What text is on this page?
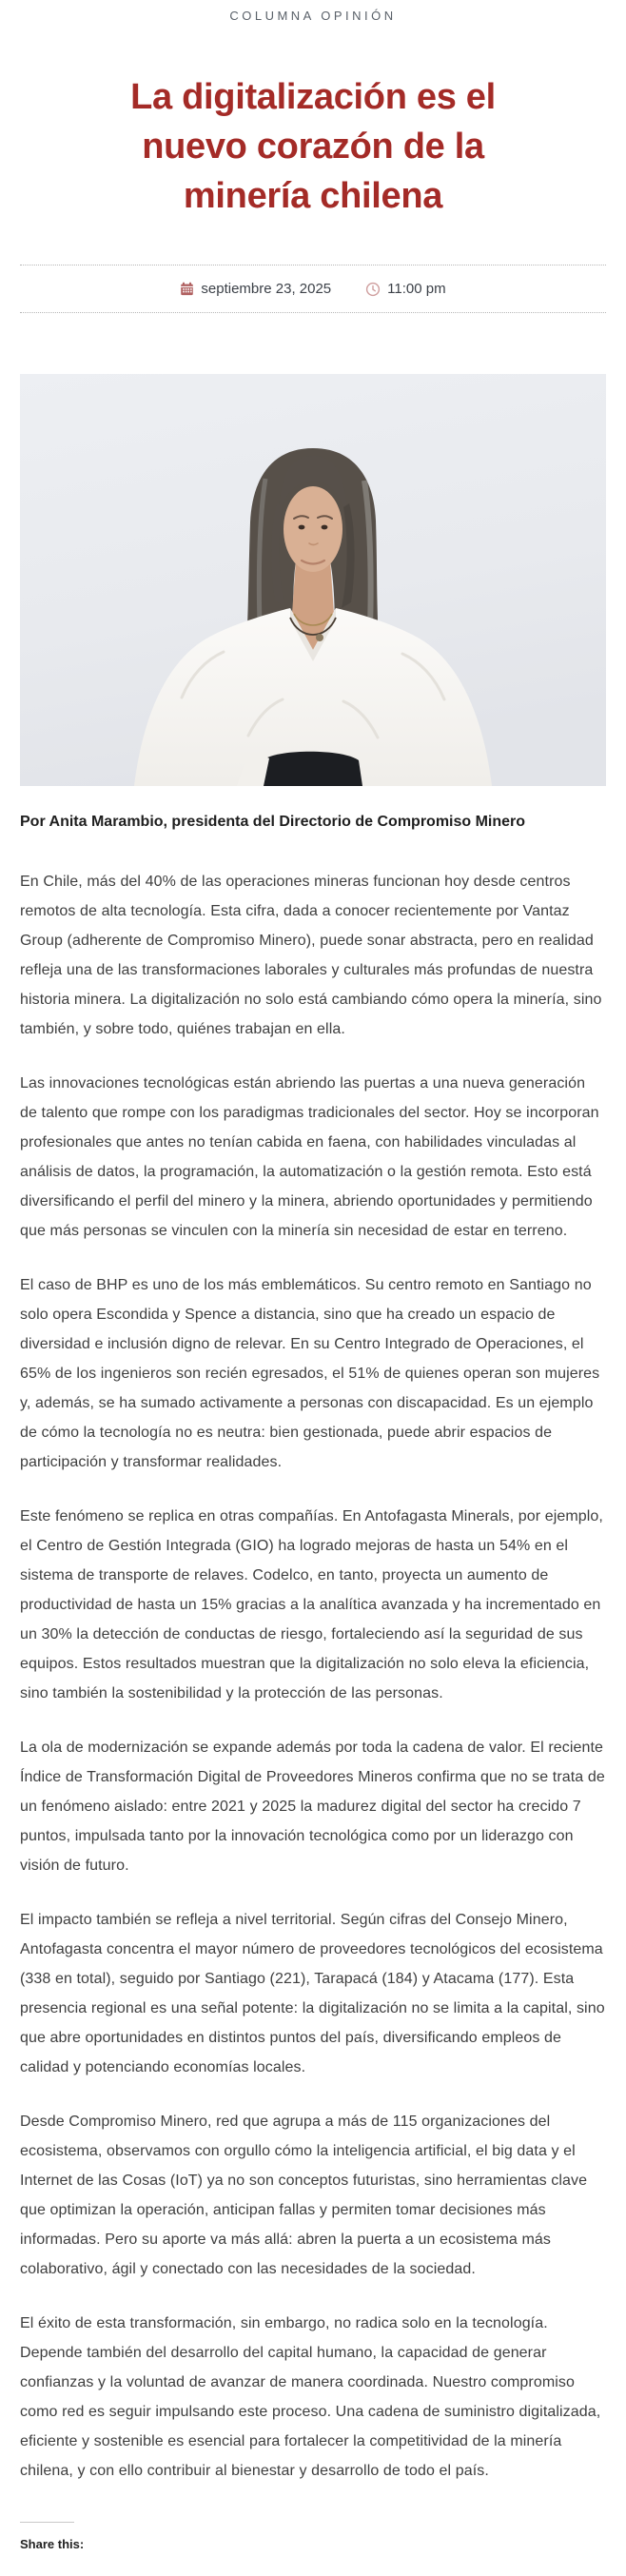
COLUMNA OPINIÓN
La digitalización es el nuevo corazón de la minería chilena
septiembre 23, 2025	11:00 pm

Por Anita Marambio, presidenta del Directorio de Compromiso Minero

En Chile, más del 40% de las operaciones mineras funcionan hoy desde centros remotos de alta tecnología. Esta cifra, dada a conocer recientemente por Vantaz Group (adherente de Compromiso Minero), puede sonar abstracta, pero en realidad refleja una de las transformaciones laborales y culturales más profundas de nuestra historia minera. La digitalización no solo está cambiando cómo opera la minería, sino también, y sobre todo, quiénes trabajan en ella.

Las innovaciones tecnológicas están abriendo las puertas a una nueva generación de talento que rompe con los paradigmas tradicionales del sector. Hoy se incorporan profesionales que antes no tenían cabida en faena, con habilidades vinculadas al análisis de datos, la programación, la automatización o la gestión remota. Esto está diversificando el perfil del minero y la minera, abriendo oportunidades y permitiendo que más personas se vinculen con la minería sin necesidad de estar en terreno.

El caso de BHP es uno de los más emblemáticos. Su centro remoto en Santiago no solo opera Escondida y Spence a distancia, sino que ha creado un espacio de diversidad e inclusión digno de relevar. En su Centro Integrado de Operaciones, el 65% de los ingenieros son recién egresados, el 51% de quienes operan son mujeres y, además, se ha sumado activamente a personas con discapacidad. Es un ejemplo de cómo la tecnología no es neutra: bien gestionada, puede abrir espacios de participación y transformar realidades.

Este fenómeno se replica en otras compañías. En Antofagasta Minerals, por ejemplo, el Centro de Gestión Integrada (GIO) ha logrado mejoras de hasta un 54% en el sistema de transporte de relaves. Codelco, en tanto, proyecta un aumento de productividad de hasta un 15% gracias a la analítica avanzada y ha incrementado en un 30% la detección de conductas de riesgo, fortaleciendo así la seguridad de sus equipos. Estos resultados muestran que la digitalización no solo eleva la eficiencia, sino también la sostenibilidad y la protección de las personas.

La ola de modernización se expande además por toda la cadena de valor. El reciente Índice de Transformación Digital de Proveedores Mineros confirma que no se trata de un fenómeno aislado: entre 2021 y 2025 la madurez digital del sector ha crecido 7 puntos, impulsada tanto por la innovación tecnológica como por un liderazgo con visión de futuro.

El impacto también se refleja a nivel territorial. Según cifras del Consejo Minero, Antofagasta concentra el mayor número de proveedores tecnológicos del ecosistema (338 en total), seguido por Santiago (221), Tarapacá (184) y Atacama (177). Esta presencia regional es una señal potente: la digitalización no se limita a la capital, sino que abre oportunidades en distintos puntos del país, diversificando empleos de calidad y potenciando economías locales.

Desde Compromiso Minero, red que agrupa a más de 115 organizaciones del ecosistema, observamos con orgullo cómo la inteligencia artificial, el big data y el Internet de las Cosas (IoT) ya no son conceptos futuristas, sino herramientas clave que optimizan la operación, anticipan fallas y permiten tomar decisiones más informadas. Pero su aporte va más allá: abren la puerta a un ecosistema más colaborativo, ágil y conectado con las necesidades de la sociedad.

El éxito de esta transformación, sin embargo, no radica solo en la tecnología. Depende también del desarrollo del capital humano, la capacidad de generar confianzas y la voluntad de avanzar de manera coordinada. Nuestro compromiso como red es seguir impulsando este proceso. Una cadena de suministro digitalizada, eficiente y sostenible es esencial para fortalecer la competitividad de la minería chilena, y con ello contribuir al bienestar y desarrollo de todo el país.

Share this:
